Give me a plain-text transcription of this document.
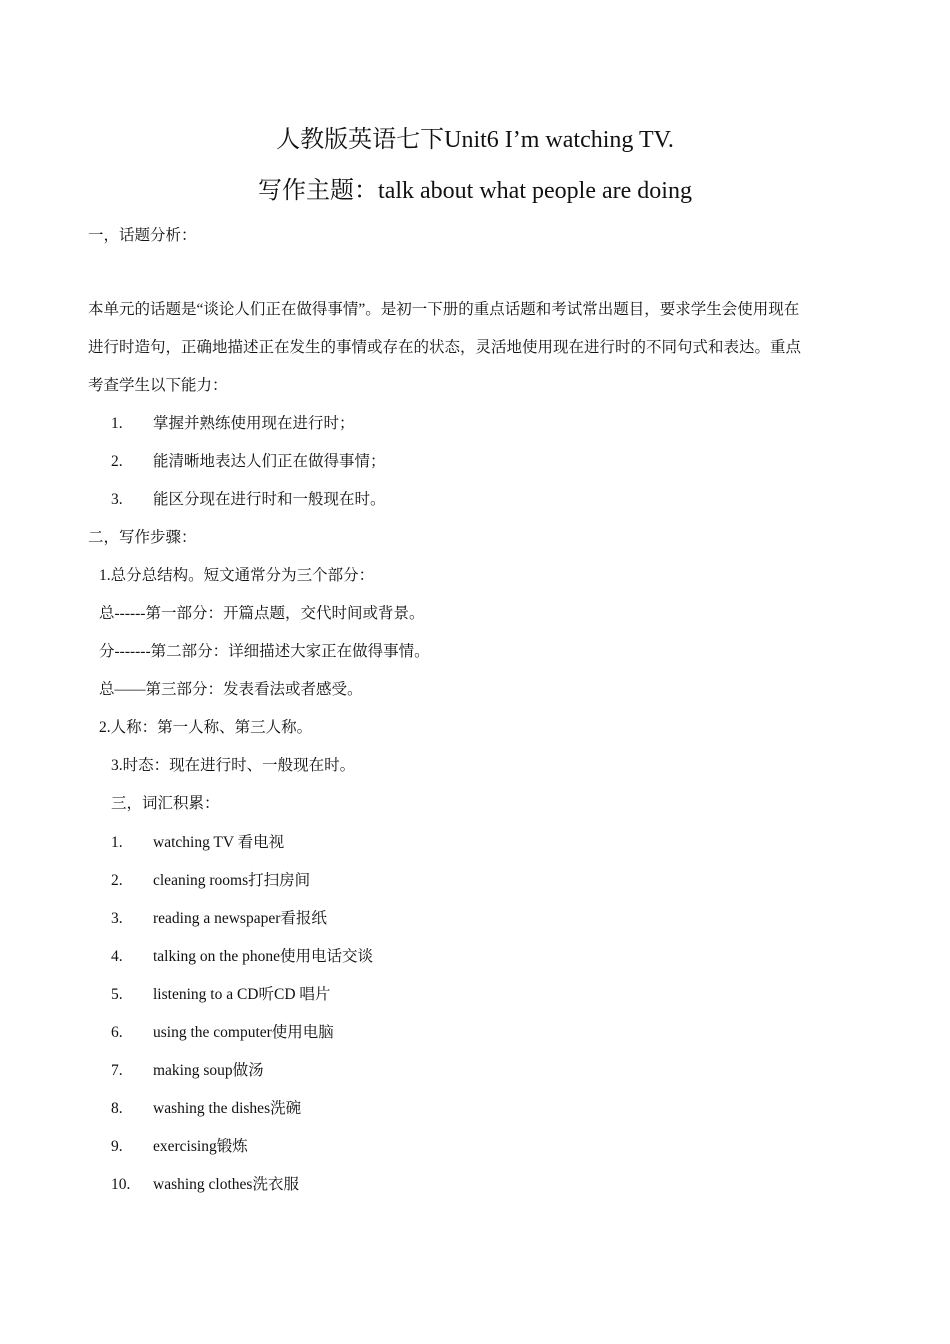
人教版英语七下Unit6 I’m watching TV.
写作主题：talk about what people are doing
一，话题分析：
本单元的话题是“谈论人们正在做得事情”。是初一下册的重点话题和考试常出题目，要求学生会使用现在
进行时造句，正确地描述正在发生的事情或存在的状态，灵活地使用现在进行时的不同句式和表达。重点
考查学生以下能力：
1. 掌握并熟练使用现在进行时；
2. 能清晰地表达人们正在做得事情；
3. 能区分现在进行时和一般现在时。
二，写作步骤：
1.总分总结构。短文通常分为三个部分：
总------第一部分：开篇点题，交代时间或背景。
分-------第二部分：详细描述大家正在做得事情。
总——第三部分：发表看法或者感受。
2.人称：第一人称、第三人称。
3.时态：现在进行时、一般现在时。
三，词汇积累：
1. watching TV 看电视
2. cleaning rooms打扫房间
3. reading a newspaper看报纸
4. talking on the phone使用电话交谈
5. listening to a CD听CD 唱片
6. using the computer使用电脑
7. making soup做汤
8. washing the dishes洗碗
9. exercising锻炼
10. washing clothes洗衣服
